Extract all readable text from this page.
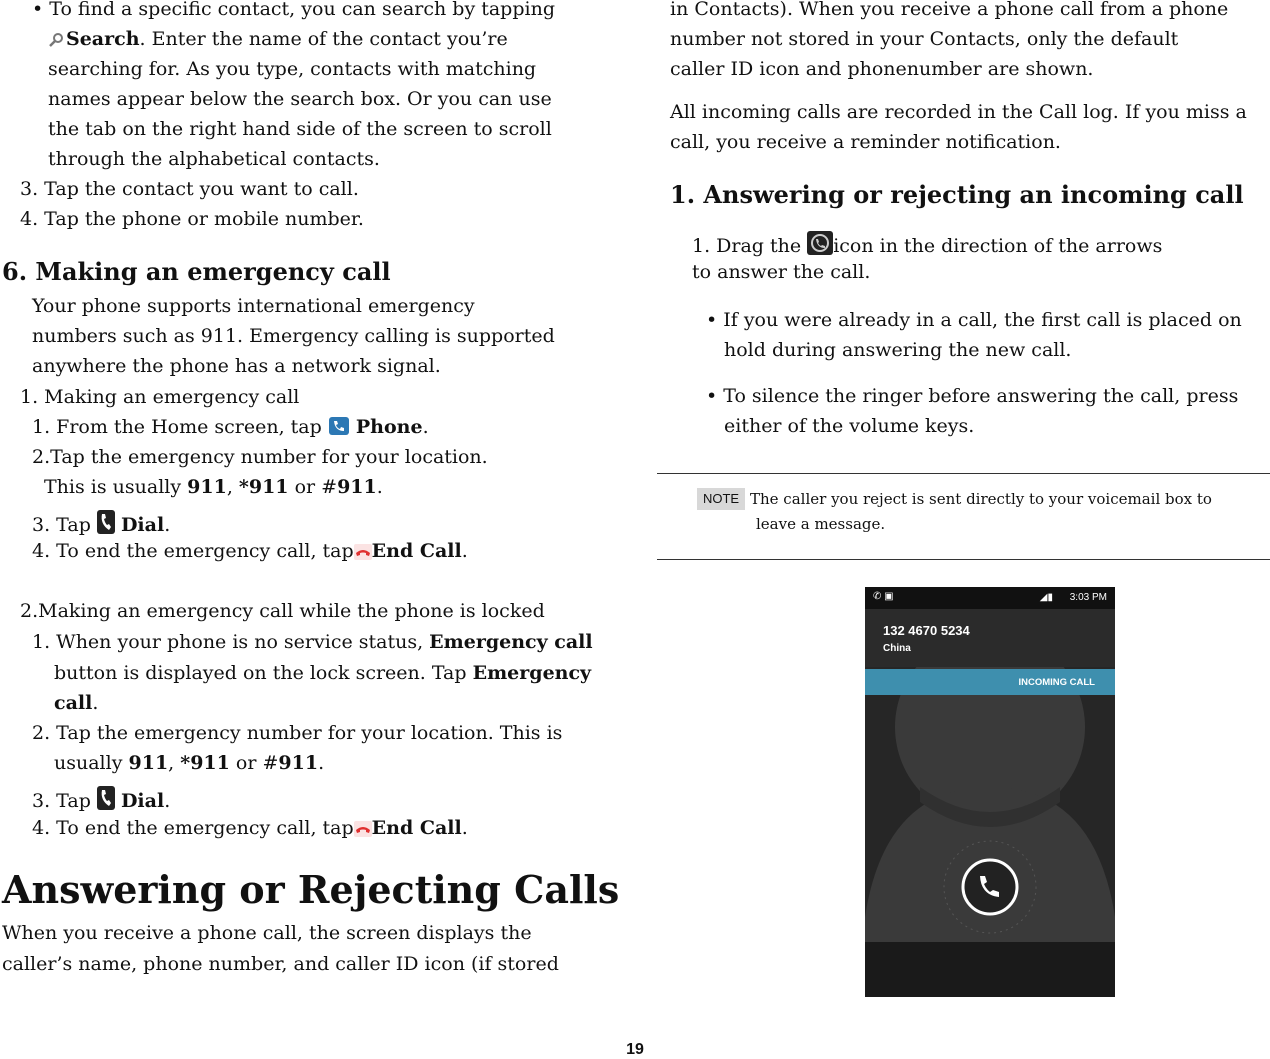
• To find a specific contact, you can search by tapping
Search. Enter the name of the contact you’re
searching for. As you type, contacts with matching
names appear below the search box. Or you can use
the tab on the right hand side of the screen to scroll
through the alphabetical contacts.
3. Tap the contact you want to call.
4. Tap the phone or mobile number.
6. Making an emergency call
Your phone supports international emergency
numbers such as 911. Emergency calling is supported
anywhere the phone has a network signal.
1. Making an emergency call
1. From the Home screen, tap Phone.
2.Tap the emergency number for your location.
This is usually 911, *911 or #911.
3. Tap Dial.
4. To end the emergency call, tap End Call.
2.Making an emergency call while the phone is locked
1. When your phone is no service status, Emergency call
button is displayed on the lock screen. Tap Emergency
call.
2. Tap the emergency number for your location. This is
usually 911, *911 or #911.
3. Tap Dial.
4. To end the emergency call, tap End Call.
Answering or Rejecting Calls
When you receive a phone call, the screen displays the
caller’s name, phone number, and caller ID icon (if stored
in Contacts). When you receive a phone call from a phone
number not stored in your Contacts, only the default
caller ID icon and phonenumber are shown.
All incoming calls are recorded in the Call log. If you miss a
call, you receive a reminder notification.
1. Answering or rejecting an incoming call
1. Drag the icon in the direction of the arrows
to answer the call.
• If you were already in a call, the first call is placed on
hold during answering the new call.
• To silence the ringer before answering the call, press
either of the volume keys.
NOTE The caller you reject is sent directly to your voicemail box to
leave a message.
✆ ▣	◢▮ 3:03 PM
132 4670 5234
China
INCOMING CALL
19
